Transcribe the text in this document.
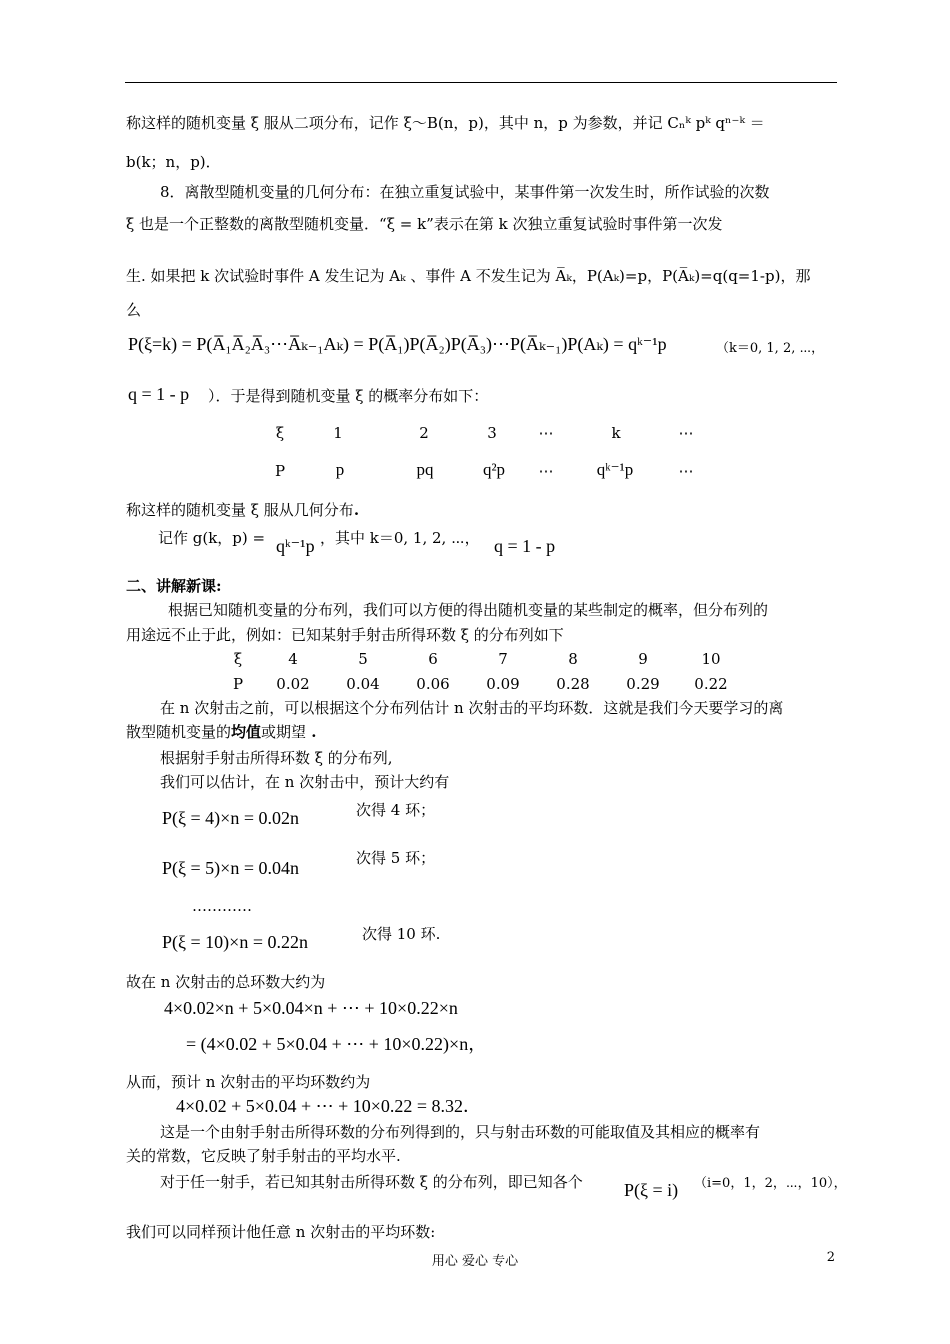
称这样的随机变量 ξ 服从二项分布，记作 ξ～B(n，p)，其中 n，p 为参数，并记 Cₙᵏ pᵏ qⁿ⁻ᵏ ＝
b(k；n，p)．
8．离散型随机变量的几何分布：在独立重复试验中，某事件第一次发生时，所作试验的次数
ξ 也是一个正整数的离散型随机变量．“ξ = k”表示在第 k 次独立重复试验时事件第一次发
生. 如果把 k 次试验时事件 A 发生记为 Aₖ 、事件 A 不发生记为 A̅ₖ，P(Aₖ)=p，P(A̅ₖ)=q(q=1-p)，那
么
P(ξ=k) = P(A̅₁A̅₂A̅₃⋯A̅ₖ₋₁Aₖ) = P(A̅₁)P(A̅₂)P(A̅₃)⋯P(A̅ₖ₋₁)P(Aₖ) = qᵏ⁻¹p	（k＝0, 1, 2, ⋯，
q = 1 - p ）．于是得到随机变量 ξ 的概率分布如下：
ξ	1	2	3	⋯	k	⋯
P	p	pq	q²p	⋯	qᵏ⁻¹p	⋯
称这样的随机变量 ξ 服从几何分布.
记作 g(k，p) = qᵏ⁻¹p ，其中 k＝0, 1, 2, ⋯， q = 1 - p
二、讲解新课:
根据已知随机变量的分布列，我们可以方便的得出随机变量的某些制定的概率，但分布列的
用途远不止于此，例如：已知某射手射击所得环数 ξ 的分布列如下
ξ	4	5	6	7	8	9	10
P	0.02	0.04	0.06	0.09	0.28	0.29	0.22
在 n 次射击之前，可以根据这个分布列估计 n 次射击的平均环数．这就是我们今天要学习的离
散型随机变量的均值或期望 .
根据射手射击所得环数 ξ 的分布列,
我们可以估计，在 n 次射击中，预计大约有
P(ξ = 4)×n = 0.02n	次得 4 环；
P(ξ = 5)×n = 0.04n	次得 5 环；
…………
P(ξ = 10)×n = 0.22n	次得 10 环.
故在 n 次射击的总环数大约为
4×0.02×n + 5×0.04×n + ⋯ + 10×0.22×n
= (4×0.02 + 5×0.04 + ⋯ + 10×0.22)×n，
从而，预计 n 次射击的平均环数约为
4×0.02 + 5×0.04 + ⋯ + 10×0.22 = 8.32．
这是一个由射手射击所得环数的分布列得到的，只与射击环数的可能取值及其相应的概率有
关的常数，它反映了射手射击的平均水平.
对于任一射手，若已知其射击所得环数 ξ 的分布列，即已知各个 P(ξ = i) （i=0，1，2，⋯，10），
我们可以同样预计他任意 n 次射击的平均环数:
用心 爱心 专心	2
